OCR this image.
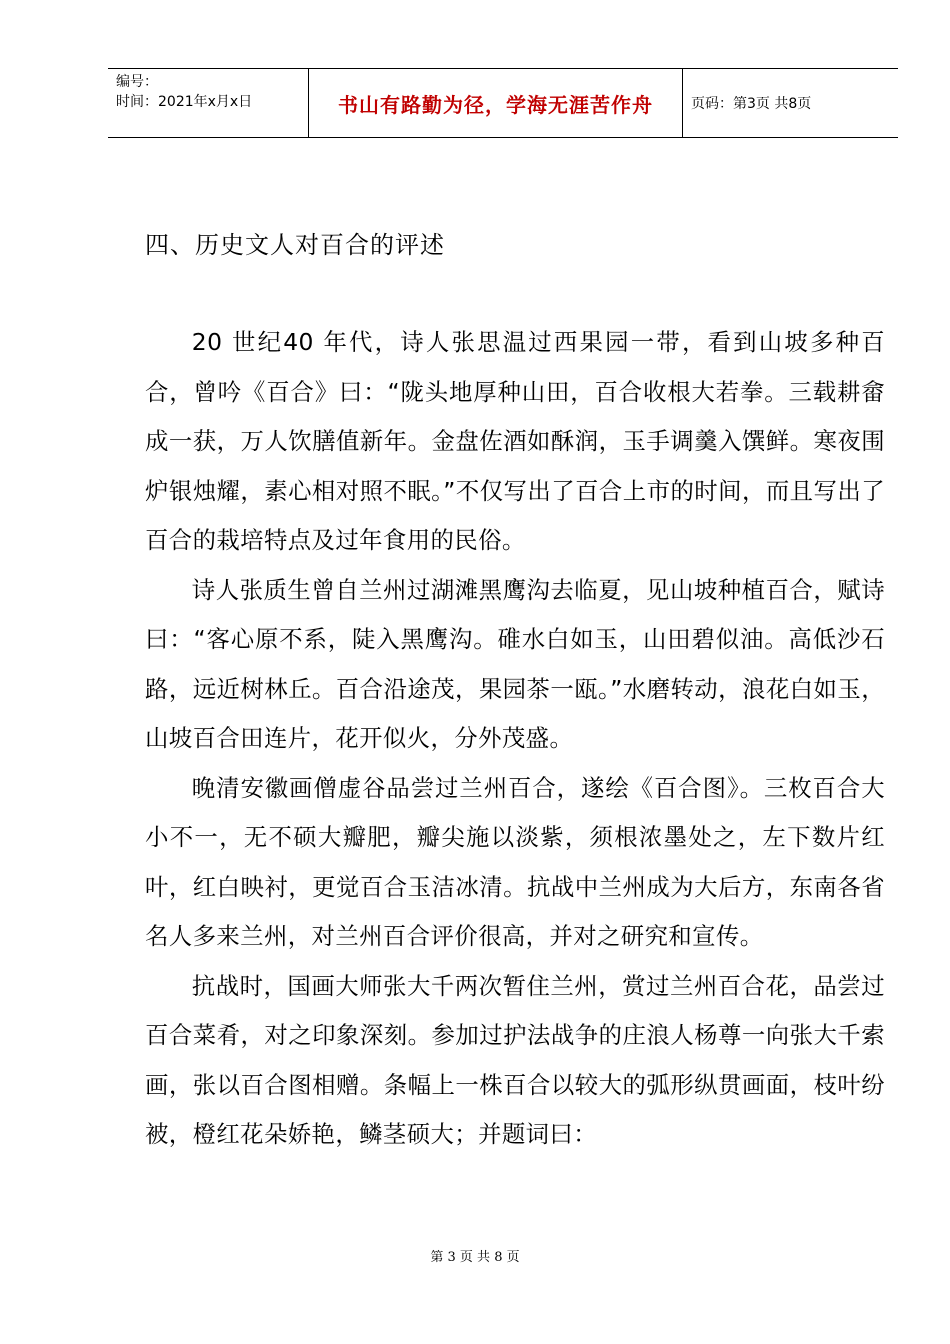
编号：
时间：2021年x月x日	书山有路勤为径，学海无涯苦作舟	页码：第3页 共8页
四、历史文人对百合的评述

20 世纪40 年代，诗人张思温过西果园一带，看到山坡多种百合，曾吟《百合》曰：“陇头地厚种山田，百合收根大若拳。三载耕畲成一获，万人饮膳值新年。金盘佐酒如酥润，玉手调羹入馔鲜。寒夜围炉银烛耀，素心相对照不眠。”不仅写出了百合上市的时间，而且写出了百合的栽培特点及过年食用的民俗。

诗人张质生曾自兰州过湖滩黑鹰沟去临夏，见山坡种植百合，赋诗曰：“客心原不系，陡入黑鹰沟。碓水白如玉，山田碧似油。高低沙石路，远近树林丘。百合沿途茂，果园茶一瓯。”水磨转动，浪花白如玉，山坡百合田连片，花开似火，分外茂盛。

晚清安徽画僧虚谷品尝过兰州百合，遂绘《百合图》。三枚百合大小不一，无不硕大瓣肥，瓣尖施以淡紫，须根浓墨处之，左下数片红叶，红白映衬，更觉百合玉洁冰清。抗战中兰州成为大后方，东南各省名人多来兰州，对兰州百合评价很高，并对之研究和宣传。

抗战时，国画大师张大千两次暂住兰州，赏过兰州百合花，品尝过百合菜肴，对之印象深刻。参加过护法战争的庄浪人杨尊一向张大千索画，张以百合图相赠。条幅上一株百合以较大的弧形纵贯画面，枝叶纷被，橙红花朵娇艳，鳞茎硕大；并题词曰：

第 3 页 共 8 页
